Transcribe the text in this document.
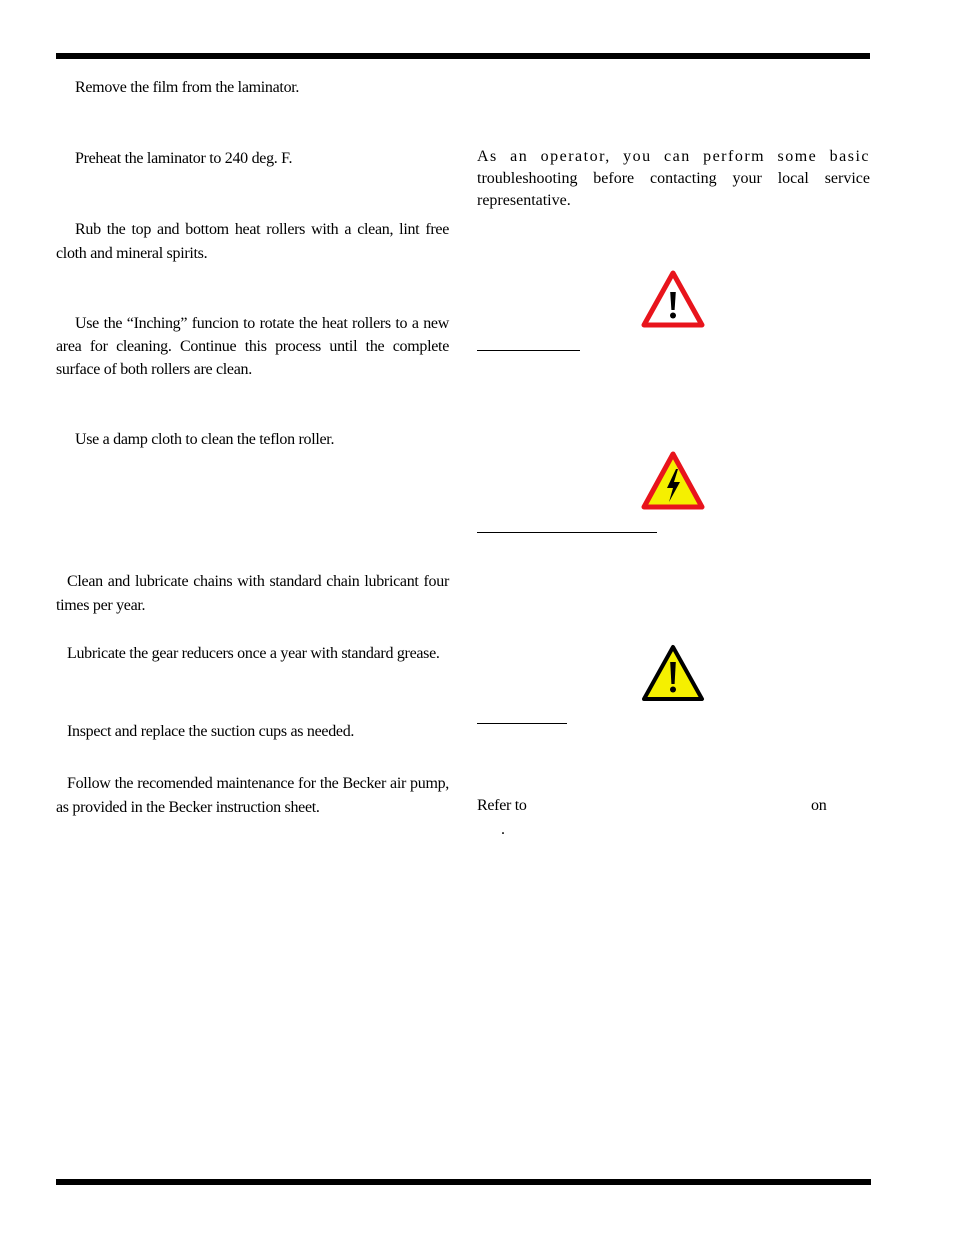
Remove the film from the laminator.

Preheat the laminator to 240 deg. F.

Rub the top and bottom heat rollers with a clean, lint free cloth and mineral spirits.

Use the “Inching” funcion to rotate the heat rollers to a new area for cleaning. Continue this process until the complete surface of both rollers are clean.

Use a damp cloth to clean the teflon roller.

Clean and lubricate chains with standard chain lubricant four times per year.

Lubricate the gear reducers once a year with standard grease.

Inspect and replace the suction cups as needed.

Follow the recomended maintenance for the Becker air pump, as provided in the Becker instruction sheet.

As an operator, you can perform some basic
troubleshooting before contacting your local service
representative.
Refer to	on
.
